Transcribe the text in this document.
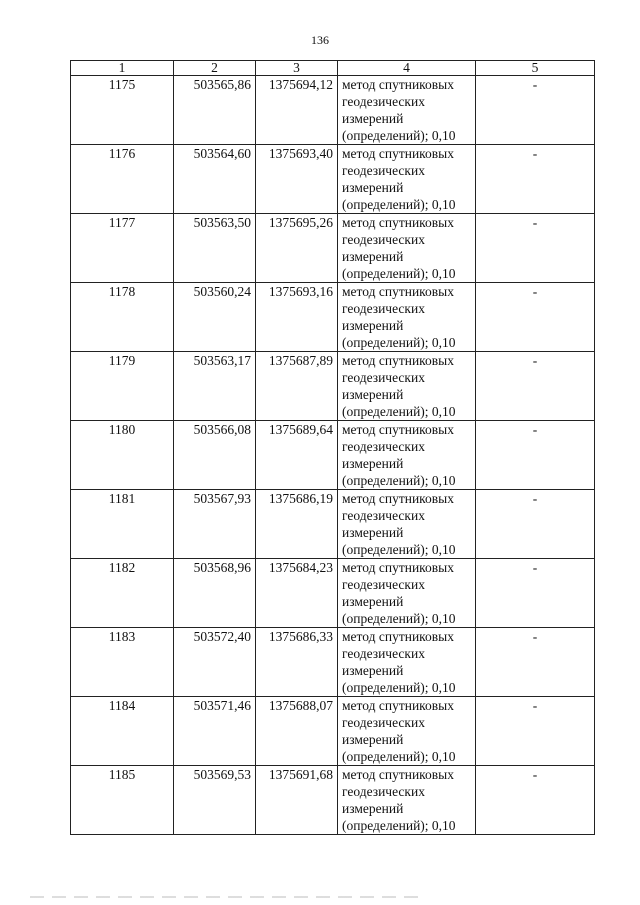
136
1	2	3	4	5
1175	503565,86	1375694,12	метод спутниковых геодезических измерений (определений); 0,10	-
1176	503564,60	1375693,40	метод спутниковых геодезических измерений (определений); 0,10	-
1177	503563,50	1375695,26	метод спутниковых геодезических измерений (определений); 0,10	-
1178	503560,24	1375693,16	метод спутниковых геодезических измерений (определений); 0,10	-
1179	503563,17	1375687,89	метод спутниковых геодезических измерений (определений); 0,10	-
1180	503566,08	1375689,64	метод спутниковых геодезических измерений (определений); 0,10	-
1181	503567,93	1375686,19	метод спутниковых геодезических измерений (определений); 0,10	-
1182	503568,96	1375684,23	метод спутниковых геодезических измерений (определений); 0,10	-
1183	503572,40	1375686,33	метод спутниковых геодезических измерений (определений); 0,10	-
1184	503571,46	1375688,07	метод спутниковых геодезических измерений (определений); 0,10	-
1185	503569,53	1375691,68	метод спутниковых геодезических измерений (определений); 0,10	-
